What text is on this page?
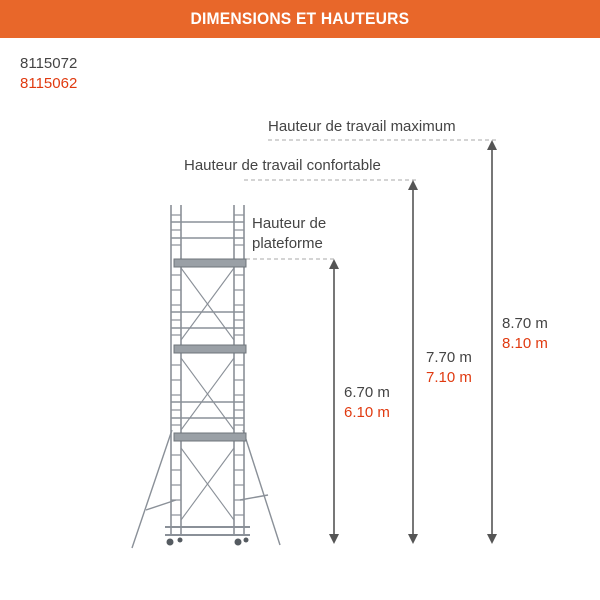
DIMENSIONS ET HAUTEURS
8115072
8115062
Hauteur de travail maximum
Hauteur de travail confortable
Hauteur de
plateforme
8.70 m
8.10 m
7.70 m
7.10 m
6.70 m
6.10 m
